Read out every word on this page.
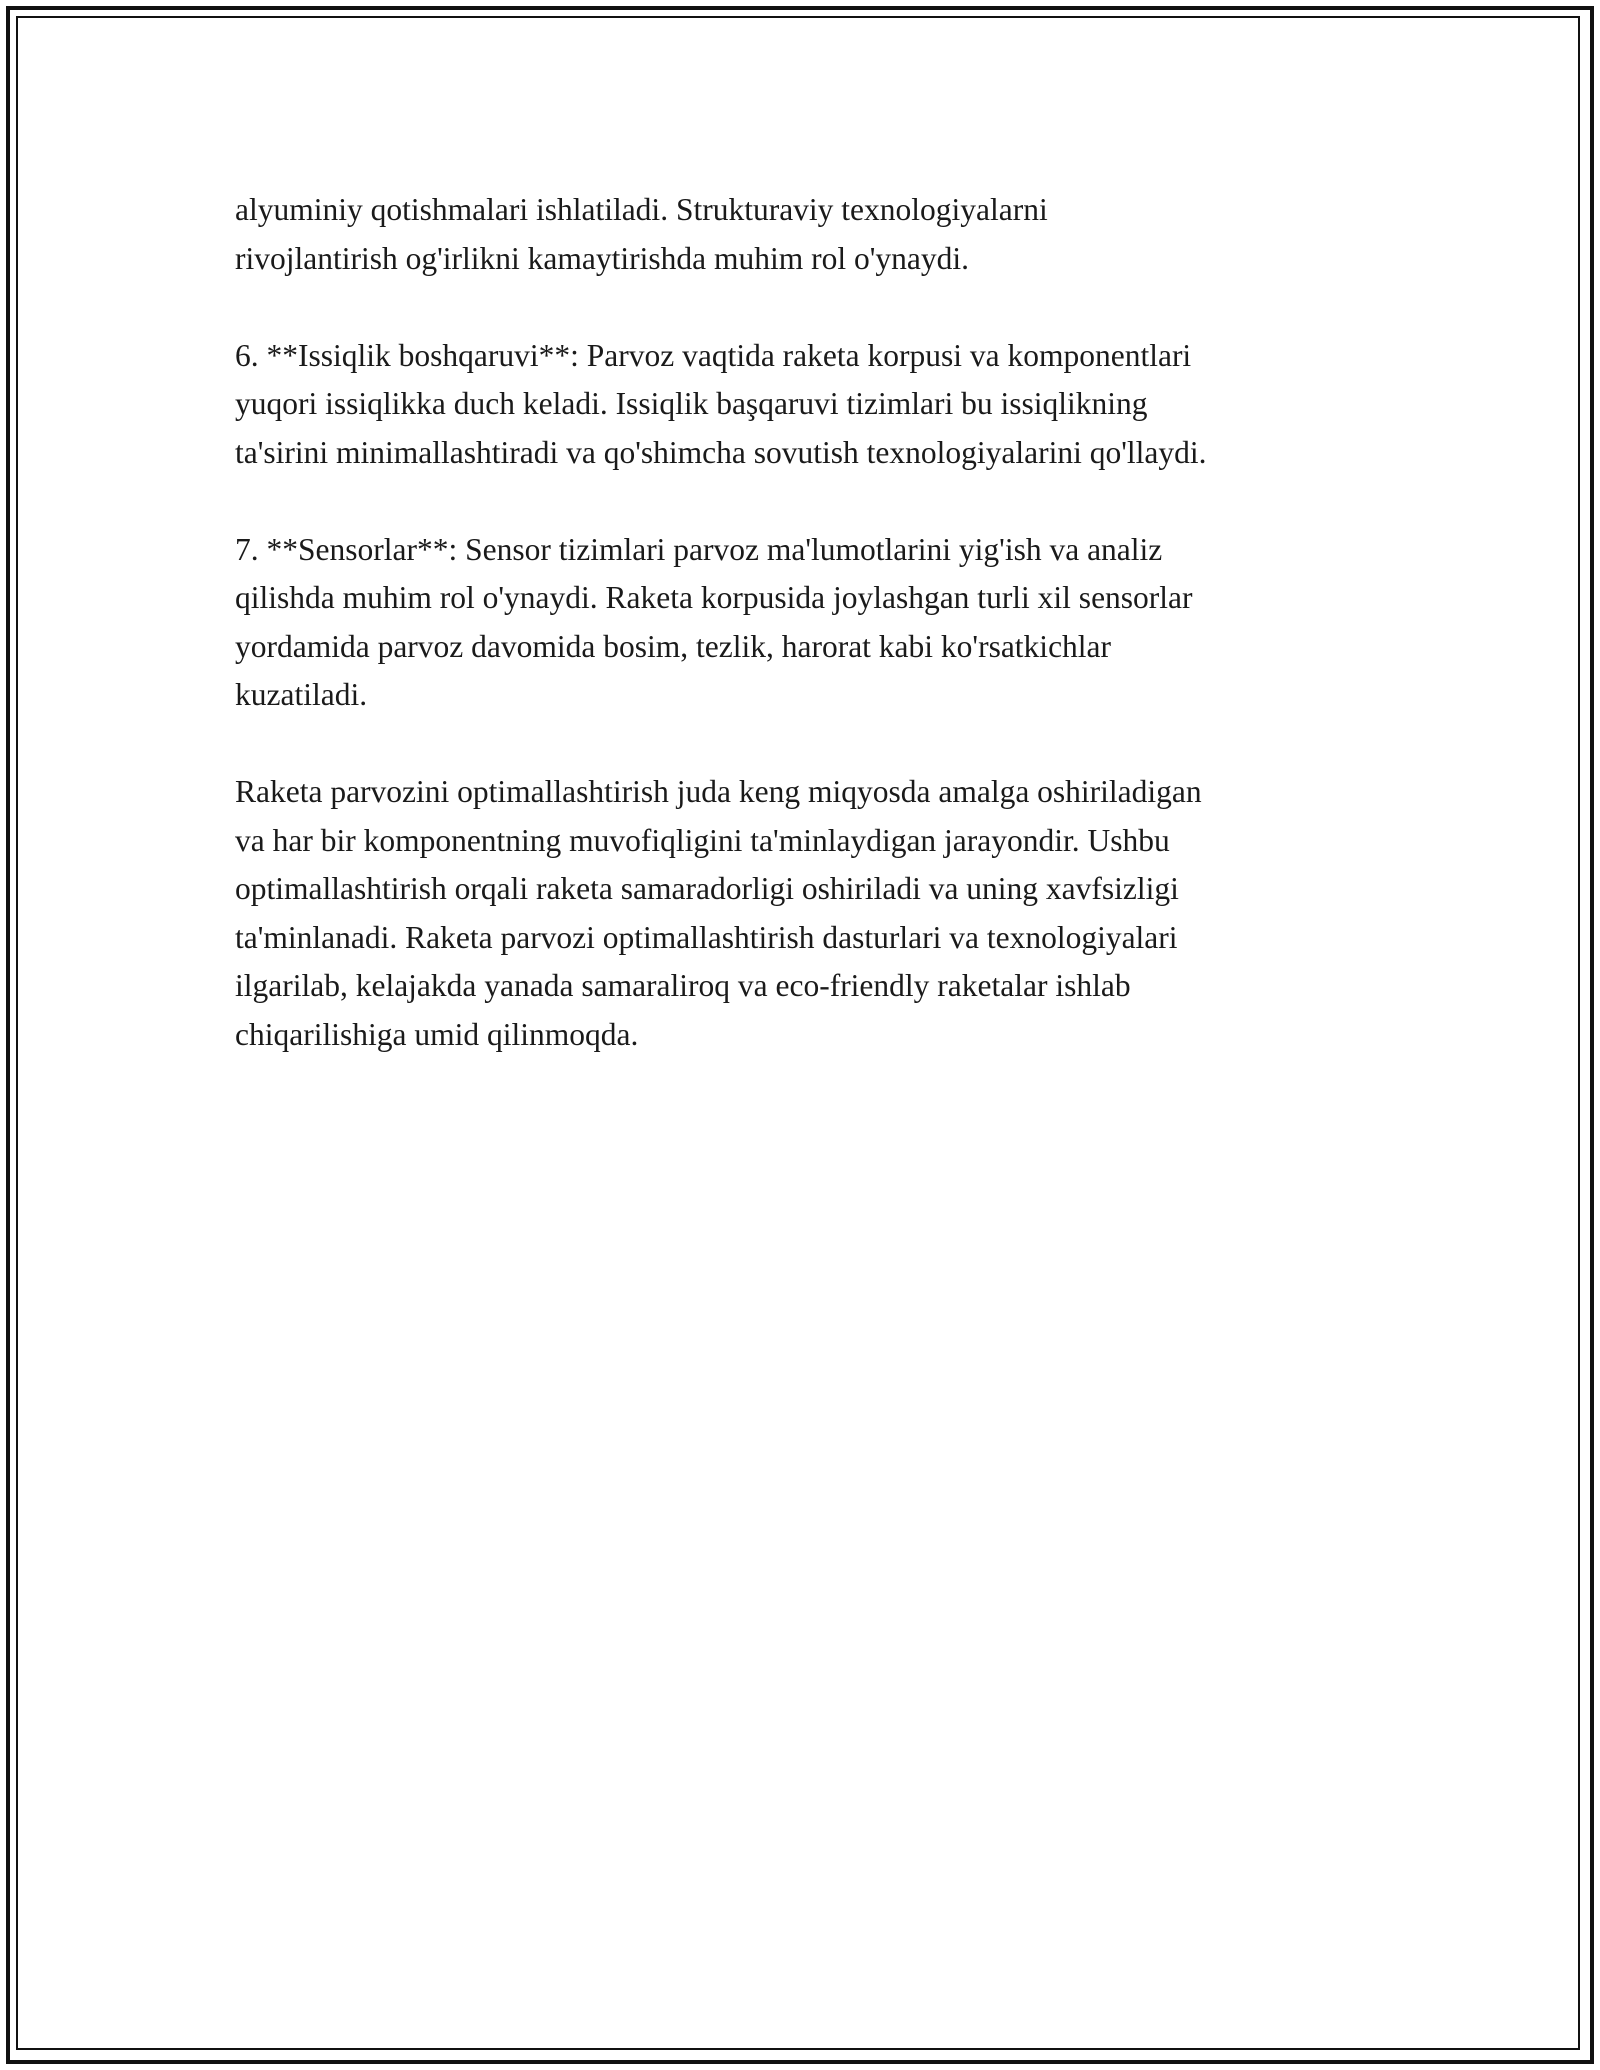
alyuminiy qotishmalari ishlatiladi. Strukturaviy texnologiyalarni
rivojlantirish og'irlikni kamaytirishda muhim rol o'ynaydi.

6. **Issiqlik boshqaruvi**: Parvoz vaqtida raketa korpusi va komponentlari
yuqori issiqlikka duch keladi. Issiqlik başqaruvi tizimlari bu issiqlikning
ta'sirini minimallashtiradi va qo'shimcha sovutish texnologiyalarini qo'llaydi.

7. **Sensorlar**: Sensor tizimlari parvoz ma'lumotlarini yig'ish va analiz
qilishda muhim rol o'ynaydi. Raketa korpusida joylashgan turli xil sensorlar
yordamida parvoz davomida bosim, tezlik, harorat kabi ko'rsatkichlar
kuzatiladi.

Raketa parvozini optimallashtirish juda keng miqyosda amalga oshiriladigan
va har bir komponentning muvofiqligini ta'minlaydigan jarayondir. Ushbu
optimallashtirish orqali raketa samaradorligi oshiriladi va uning xavfsizligi
ta'minlanadi. Raketa parvozi optimallashtirish dasturlari va texnologiyalari
ilgarilab, kelajakda yanada samaraliroq va eco-friendly raketalar ishlab
chiqarilishiga umid qilinmoqda.
